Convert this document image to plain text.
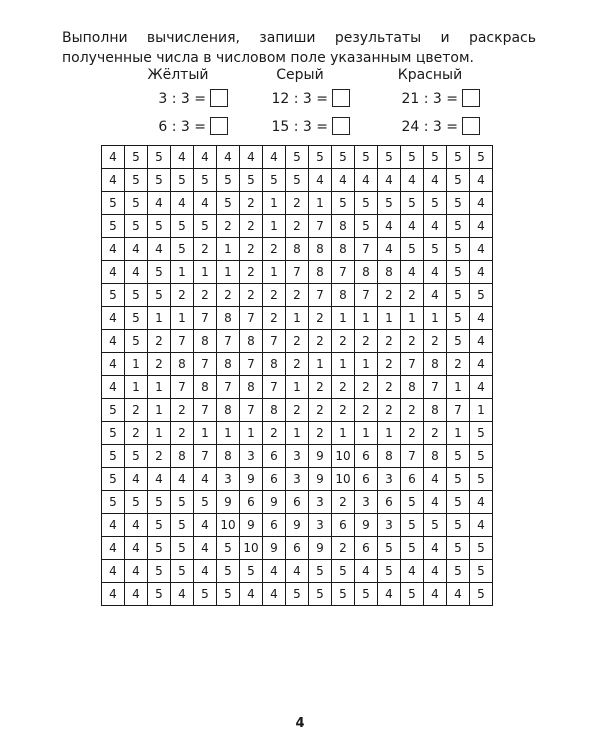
Выполни вычисления, запиши результаты и раскрась полученные числа в числовом поле указанным цветом.
Жёлтый
3 : 3 =
6 : 3 =
Серый
12 : 3 =
15 : 3 =
Красный
21 : 3 =
24 : 3 =
4	5	5	4	4	4	4	4	5	5	5	5	5	5	5	5	5
4	5	5	5	5	5	5	5	5	4	4	4	4	4	4	5	4
5	5	4	4	4	5	2	1	2	1	5	5	5	5	5	5	4
5	5	5	5	5	2	2	1	2	7	8	5	4	4	4	5	4
4	4	4	5	2	1	2	2	8	8	8	7	4	5	5	5	4
4	4	5	1	1	1	2	1	7	8	7	8	8	4	4	5	4
5	5	5	2	2	2	2	2	2	7	8	7	2	2	4	5	5
4	5	1	1	7	8	7	2	1	2	1	1	1	1	1	5	4
4	5	2	7	8	7	8	7	2	2	2	2	2	2	2	5	4
4	1	2	8	7	8	7	8	2	1	1	1	2	7	8	2	4
4	1	1	7	8	7	8	7	1	2	2	2	2	8	7	1	4
5	2	1	2	7	8	7	8	2	2	2	2	2	2	8	7	1
5	2	1	2	1	1	1	2	1	2	1	1	1	2	2	1	5
5	5	2	8	7	8	3	6	3	9	10	6	8	7	8	5	5
5	4	4	4	4	3	9	6	3	9	10	6	3	6	4	5	5
5	5	5	5	5	9	6	9	6	3	2	3	6	5	4	5	4
4	4	5	5	4	10	9	6	9	3	6	9	3	5	5	5	4
4	4	5	5	4	5	10	9	6	9	2	6	5	5	4	5	5
4	4	5	5	4	5	5	4	4	5	5	4	5	4	4	5	5
4	4	5	4	5	5	4	4	5	5	5	5	4	5	4	4	5
4
